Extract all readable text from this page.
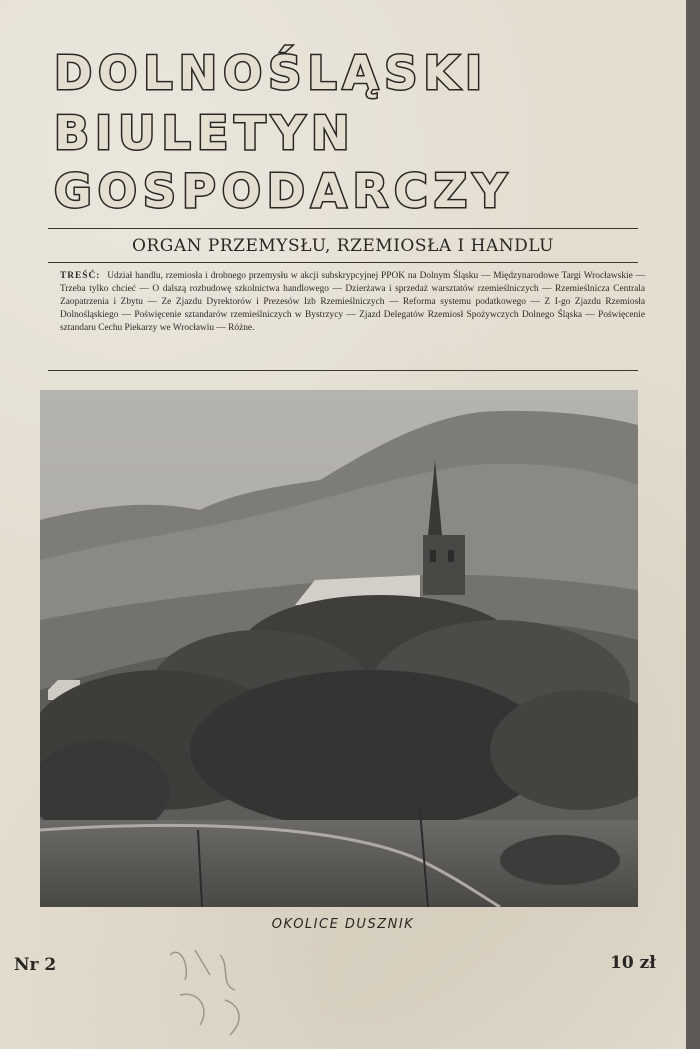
DOLNOŚLĄSKI
BIULETYN
GOSPODARCZY
ORGAN PRZEMYSŁU, RZEMIOSŁA I HANDLU
TREŚĆ: Udział handlu, rzemiosła i drobnego przemysłu w akcji subskrypcyjnej PPOK na Dolnym Śląsku — Międzynarodowe Targi Wrocławskie — Trzeba tylko chcieć — O dalszą rozbudowę szkolnictwa handlowego — Dzierżawa i sprzedaż warsztatów rzemieślniczych — Rzemieślnicza Centrala Zaopatrzenia i Zbytu — Ze Zjazdu Dyrektorów i Prezesów Izb Rzemieślniczych — Reforma systemu podatkowego — Z I-go Zjazdu Rzemiosła Dolnośląskiego — Poświęcenie sztandarów rzemieślniczych w Bystrzycy — Zjazd Delegatów Rzemiosł Spożywczych Dolnego Śląska — Poświęcenie sztandaru Cechu Piekarzy we Wrocławiu — Różne.
OKOLICE DUSZNIK
Nr 2	10 zł
